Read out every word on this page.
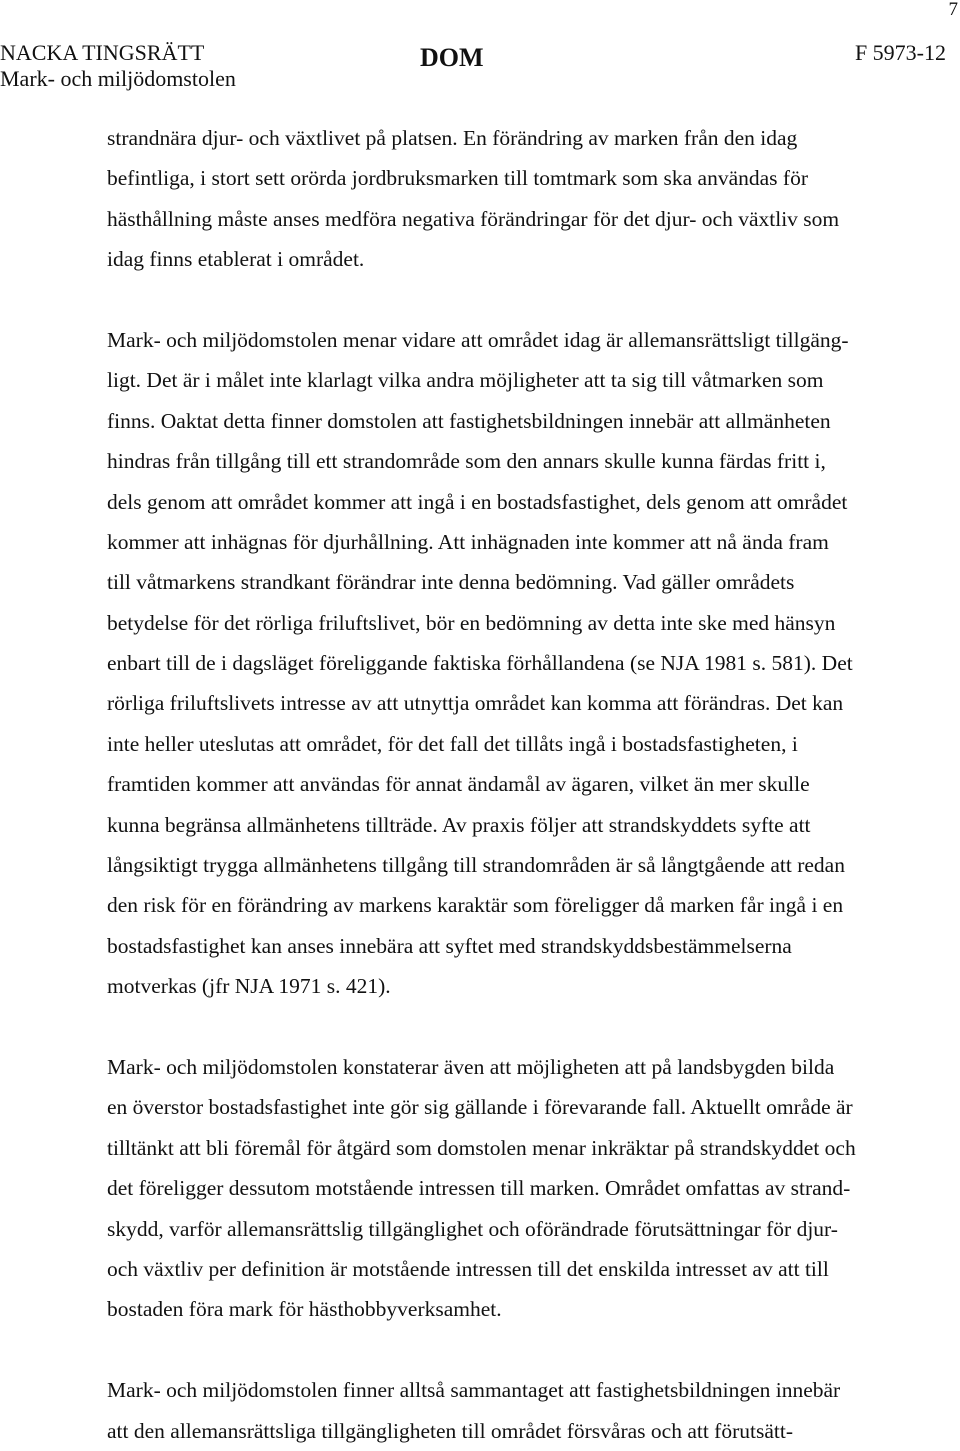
7
NACKA TINGSRÄTT
Mark- och miljödomstolen
DOM	F 5973-12
strandnära djur- och växtlivet på platsen. En förändring av marken från den idag
befintliga, i stort sett orörda jordbruksmarken till tomtmark som ska användas för
hästhållning måste anses medföra negativa förändringar för det djur- och växtliv som
idag finns etablerat i området.
Mark- och miljödomstolen menar vidare att området idag är allemansrättsligt tillgäng-
ligt. Det är i målet inte klarlagt vilka andra möjligheter att ta sig till våtmarken som
finns. Oaktat detta finner domstolen att fastighetsbildningen innebär att allmänheten
hindras från tillgång till ett strandområde som den annars skulle kunna färdas fritt i,
dels genom att området kommer att ingå i en bostadsfastighet, dels genom att området
kommer att inhägnas för djurhållning. Att inhägnaden inte kommer att nå ända fram
till våtmarkens strandkant förändrar inte denna bedömning. Vad gäller områdets
betydelse för det rörliga friluftslivet, bör en bedömning av detta inte ske med hänsyn
enbart till de i dagsläget föreliggande faktiska förhållandena (se NJA 1981 s. 581). Det
rörliga friluftslivets intresse av att utnyttja området kan komma att förändras. Det kan
inte heller uteslutas att området, för det fall det tillåts ingå i bostadsfastigheten, i
framtiden kommer att användas för annat ändamål av ägaren, vilket än mer skulle
kunna begränsa allmänhetens tillträde. Av praxis följer att strandskyddets syfte att
långsiktigt trygga allmänhetens tillgång till strandområden är så långtgående att redan
den risk för en förändring av markens karaktär som föreligger då marken får ingå i en
bostadsfastighet kan anses innebära att syftet med strandskyddsbestämmelserna
motverkas (jfr NJA 1971 s. 421).
Mark- och miljödomstolen konstaterar även att möjligheten att på landsbygden bilda
en överstor bostadsfastighet inte gör sig gällande i förevarande fall. Aktuellt område är
tilltänkt att bli föremål för åtgärd som domstolen menar inkräktar på strandskyddet och
det föreligger dessutom motstående intressen till marken. Området omfattas av strand-
skydd, varför allemansrättslig tillgänglighet och oförändrade förutsättningar för djur-
och växtliv per definition är motstående intressen till det enskilda intresset av att till
bostaden föra mark för hästhobbyverksamhet.
Mark- och miljödomstolen finner alltså sammantaget att fastighetsbildningen innebär
att den allemansrättsliga tillgängligheten till området försvåras och att förutsätt-
